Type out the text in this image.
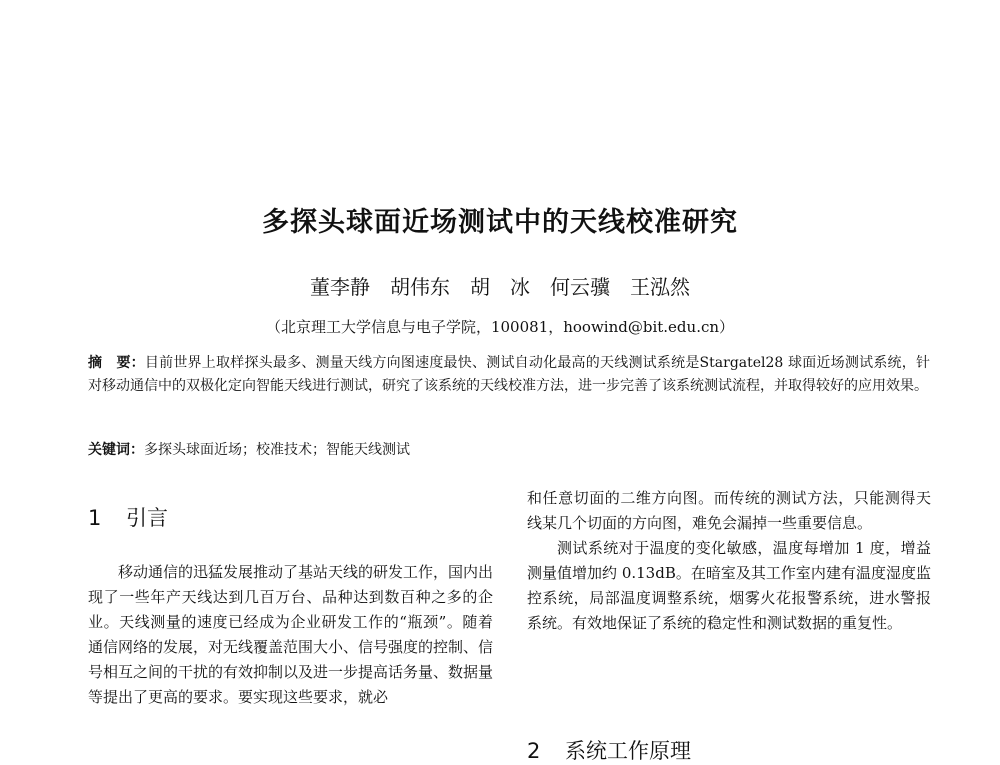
多探头球面近场测试中的天线校准研究
董李静　胡伟东　胡　冰　何云骥　王泓然
（北京理工大学信息与电子学院，100081，hoowind@bit.edu.cn）
摘　要：目前世界上取样探头最多、测量天线方向图速度最快、测试自动化最高的天线测试系统是Stargatel28 球面近场测试系统，针对移动通信中的双极化定向智能天线进行测试，研究了该系统的天线校准方法，进一步完善了该系统测试流程，并取得较好的应用效果。
关键词：多探头球面近场；校准技术；智能天线测试
1 引言

移动通信的迅猛发展推动了基站天线的研发工作，国内出现了一些年产天线达到几百万台、品种达到数百种之多的企业。天线测量的速度已经成为企业研发工作的“瓶颈”。随着通信网络的发展，对无线覆盖范围大小、信号强度的控制、信号相互之间的干扰的有效抑制以及进一步提高话务量、数据量等提出了更高的要求。要实现这些要求，就必

和任意切面的二维方向图。而传统的测试方法，只能测得天线某几个切面的方向图，难免会漏掉一些重要信息。

测试系统对于温度的变化敏感，温度每增加 1 度，增益测量值增加约 0.13dB。在暗室及其工作室内建有温度湿度监控系统，局部温度调整系统，烟雾火花报警系统，进水警报系统。有效地保证了系统的稳定性和测试数据的重复性。

2 系统工作原理
